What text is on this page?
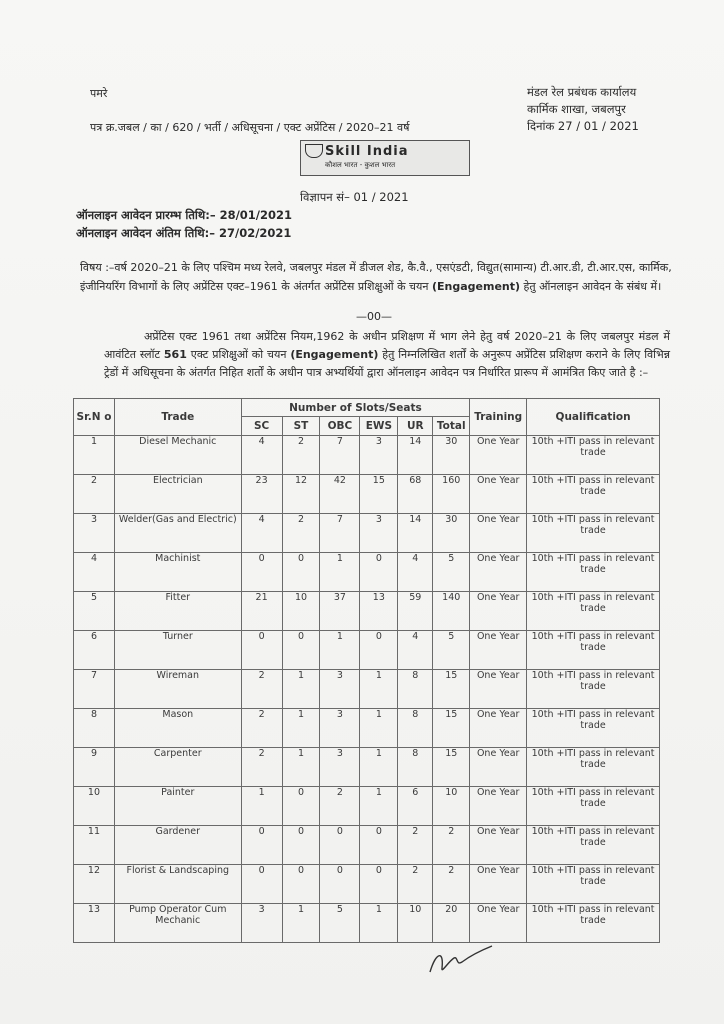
पमरे
पत्र क्र.जबल / का / 620 / भर्ती / अधिसूचना / एक्ट अप्रेंटिस / 2020–21 वर्ष
मंडल रेल प्रबंधक कार्यालय
कार्मिक शाखा, जबलपुर
दिनांक 27 / 01 / 2021
Skill India
कौशल भारत - कुशल भारत
विज्ञापन सं– 01 / 2021
ऑनलाइन आवेदन प्रारम्भ तिथि:– 28/01/2021
ऑनलाइन आवेदन अंतिम तिथि:– 27/02/2021
विषय :–वर्ष 2020–21 के लिए पश्चिम मध्य रेलवे, जबलपुर मंडल में डीजल शेड, कै.वै., एसएंडटी, विद्युत(सामान्य) टी.आर.डी, टी.आर.एस, कार्मिक, इंजीनियरिंग विभागों के लिए अप्रेंटिस एक्ट–1961 के अंतर्गत अप्रेंटिस प्रशिक्षुओं के चयन (Engagement) हेतु ऑनलाइन आवेदन के संबंध में।
—00—
अप्रेंटिस एक्ट 1961 तथा अप्रेंटिस नियम,1962 के अधीन प्रशिक्षण में भाग लेने हेतु वर्ष 2020–21 के लिए जबलपुर मंडल में आवंटित स्लॉट 561 एक्ट प्रशिक्षुओं को चयन (Engagement) हेतु निम्नलिखित शर्तों के अनुरूप अप्रेंटिस प्रशिक्षण कराने के लिए विभिन्न ट्रेडों में अधिसूचना के अंतर्गत निहित शर्तों के अधीन पात्र अभ्यर्थियों द्वारा ऑनलाइन आवेदन पत्र निर्धारित प्रारूप में आमंत्रित किए जाते है :–
Sr.N o	Trade	Number of Slots/Seats						Training	Qualification
		SC	ST	OBC	EWS	UR	Total		
1	Diesel Mechanic	4	2	7	3	14	30	One Year	10th +ITI pass in relevant trade
2	Electrician	23	12	42	15	68	160	One Year	10th +ITI pass in relevant trade
3	Welder(Gas and Electric)	4	2	7	3	14	30	One Year	10th +ITI pass in relevant trade
4	Machinist	0	0	1	0	4	5	One Year	10th +ITI pass in relevant trade
5	Fitter	21	10	37	13	59	140	One Year	10th +ITI pass in relevant trade
6	Turner	0	0	1	0	4	5	One Year	10th +ITI pass in relevant trade
7	Wireman	2	1	3	1	8	15	One Year	10th +ITI pass in relevant trade
8	Mason	2	1	3	1	8	15	One Year	10th +ITI pass in relevant trade
9	Carpenter	2	1	3	1	8	15	One Year	10th +ITI pass in relevant trade
10	Painter	1	0	2	1	6	10	One Year	10th +ITI pass in relevant trade
11	Gardener	0	0	0	0	2	2	One Year	10th +ITI pass in relevant trade
12	Florist & Landscaping	0	0	0	0	2	2	One Year	10th +ITI pass in relevant trade
13	Pump Operator Cum Mechanic	3	1	5	1	10	20	One Year	10th +ITI pass in relevant trade
